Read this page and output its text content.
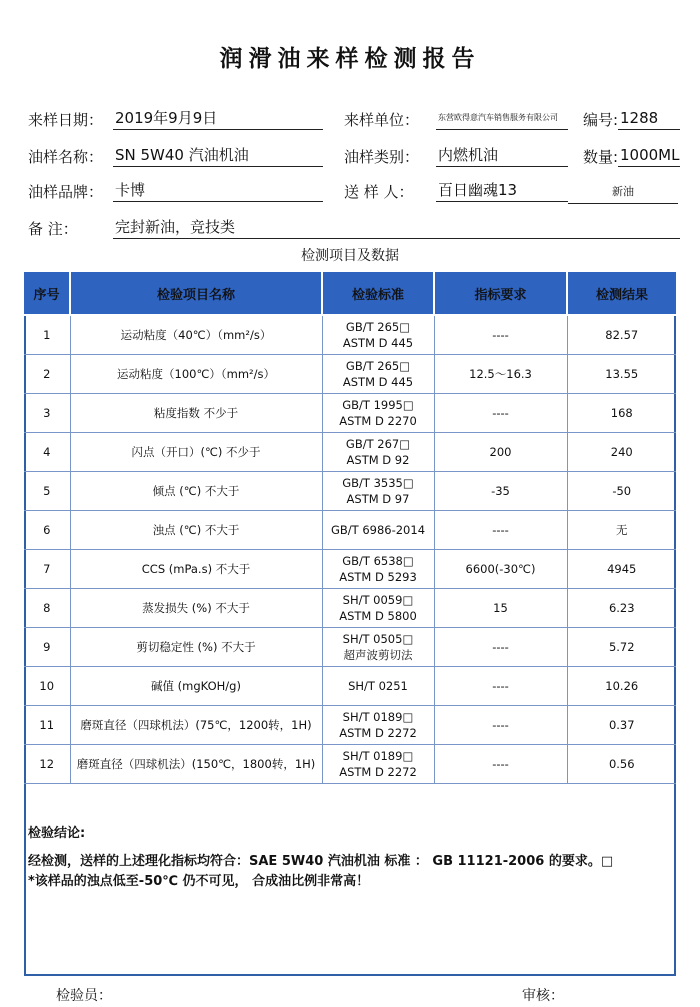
润滑油来样检测报告
来样日期： 2019年9月9日	来样单位： 东营欧得意汽车销售服务有限公司	编号: 1288
油样名称： SN 5W40 汽油机油	油样类别： 内燃机油	数量: 1000ML
油样品牌： 卡博	送 样 人： 百日幽魂13	新油
备 注： 完封新油，竞技类
检测项目及数据
序号	检验项目名称	检验标准	指标要求	检测结果
1	运动粘度（40℃）（mm²/s）	GB/T 265□
ASTM D 445	----	82.57
2	运动粘度（100℃）（mm²/s）	GB/T 265□
ASTM D 445	12.5～16.3	13.55
3	粘度指数 不少于	GB/T 1995□
ASTM D 2270	----	168
4	闪点（开口）(℃) 不少于	GB/T 267□
ASTM D 92	200	240
5	倾点 (℃) 不大于	GB/T 3535□
ASTM D 97	-35	-50
6	浊点 (℃) 不大于	GB/T 6986-2014	----	无
7	CCS (mPa.s) 不大于	GB/T 6538□
ASTM D 5293	6600(-30℃)	4945
8	蒸发损失 (%) 不大于	SH/T 0059□
ASTM D 5800	15	6.23
9	剪切稳定性 (%) 不大于	SH/T 0505□
超声波剪切法	----	5.72
10	碱值 (mgKOH/g)	SH/T 0251	----	10.26
11	磨斑直径（四球机法）(75℃，1200转，1H)	SH/T 0189□
ASTM D 2272	----	0.37
12	磨斑直径（四球机法）(150℃，1800转，1H)	SH/T 0189□
ASTM D 2272	----	0.56
检验结论:
经检测，送样的上述理化指标均符合：SAE 5W40 汽油机油 标准 ： GB 11121-2006 的要求。□
*该样品的浊点低至-50℃ 仍不可见， 合成油比例非常高！
检验员：	审核：
